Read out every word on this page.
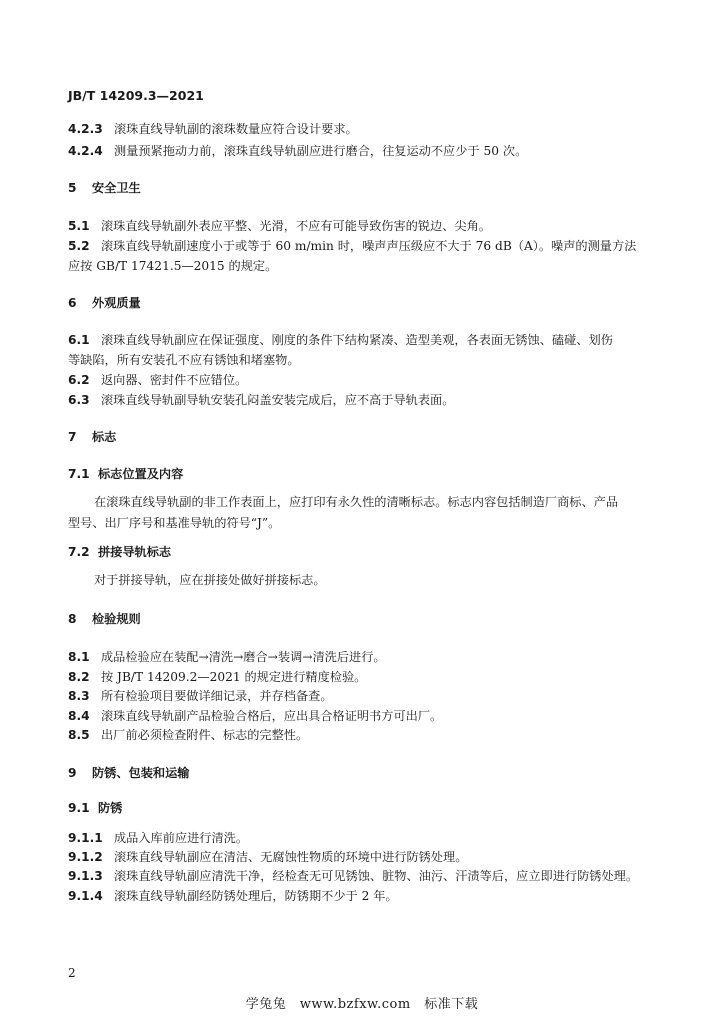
JB/T 14209.3—2021
4.2.3 滚珠直线导轨副的滚珠数量应符合设计要求。
4.2.4 测量预紧拖动力前，滚珠直线导轨副应进行磨合，往复运动不应少于 50 次。
5 安全卫生
5.1 滚珠直线导轨副外表应平整、光滑，不应有可能导致伤害的锐边、尖角。
5.2 滚珠直线导轨副速度小于或等于 60 m/min 时，噪声声压级应不大于 76 dB（A）。噪声的测量方法
应按 GB/T 17421.5—2015 的规定。
6 外观质量
6.1 滚珠直线导轨副应在保证强度、刚度的条件下结构紧凑、造型美观，各表面无锈蚀、磕碰、划伤
等缺陷，所有安装孔不应有锈蚀和堵塞物。
6.2 返向器、密封件不应错位。
6.3 滚珠直线导轨副导轨安装孔闷盖安装完成后，应不高于导轨表面。
7 标志
7.1 标志位置及内容
在滚珠直线导轨副的非工作表面上，应打印有永久性的清晰标志。标志内容包括制造厂商标、产品
型号、出厂序号和基准导轨的符号“J”。
7.2 拼接导轨标志
对于拼接导轨，应在拼接处做好拼接标志。
8 检验规则
8.1 成品检验应在装配→清洗→磨合→装调→清洗后进行。
8.2 按 JB/T 14209.2—2021 的规定进行精度检验。
8.3 所有检验项目要做详细记录，并存档备查。
8.4 滚珠直线导轨副产品检验合格后，应出具合格证明书方可出厂。
8.5 出厂前必须检查附件、标志的完整性。
9 防锈、包装和运输
9.1 防锈
9.1.1 成品入库前应进行清洗。
9.1.2 滚珠直线导轨副应在清洁、无腐蚀性物质的环境中进行防锈处理。
9.1.3 滚珠直线导轨副应清洗干净，经检查无可见锈蚀、脏物、油污、汗渍等后，应立即进行防锈处理。
9.1.4 滚珠直线导轨副经防锈处理后，防锈期不少于 2 年。
2
学兔兔　www.bzfxw.com　标准下载
